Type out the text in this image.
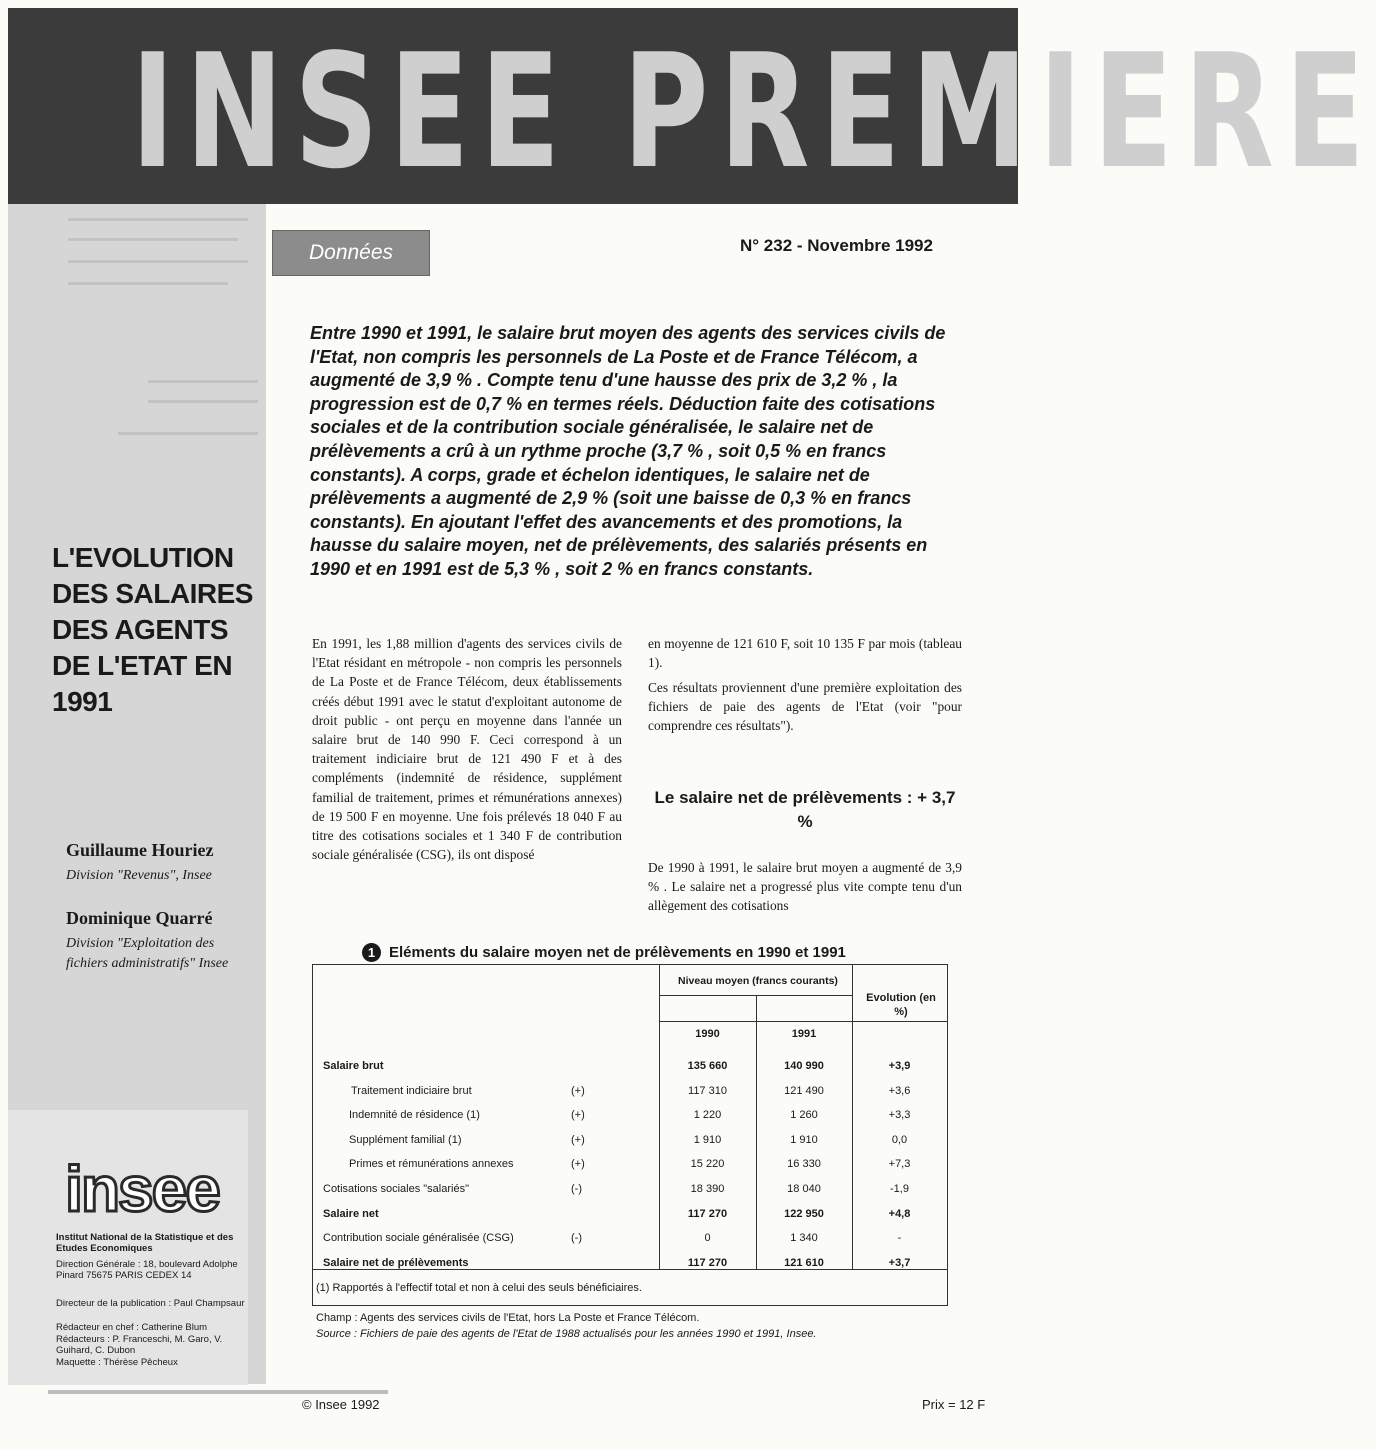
INSEE PREMIERE
Données	N° 232 - Novembre 1992
Entre 1990 et 1991, le salaire brut moyen des agents des services civils de l'Etat, non compris les personnels de La Poste et de France Télécom, a augmenté de 3,9 % . Compte tenu d'une hausse des prix de 3,2 % , la progression est de 0,7 % en termes réels. Déduction faite des cotisations sociales et de la contribution sociale généralisée, le salaire net de prélèvements a crû à un rythme proche (3,7 % , soit 0,5 % en francs constants). A corps, grade et échelon identiques, le salaire net de prélèvements a augmenté de 2,9 % (soit une baisse de 0,3 % en francs constants). En ajoutant l'effet des avancements et des promotions, la hausse du salaire moyen, net de prélèvements, des salariés présents en 1990 et en 1991 est de 5,3 % , soit 2 % en francs constants.
L'EVOLUTION DES SALAIRES DES AGENTS DE L'ETAT EN 1991
Guillaume Houriez
Division "Revenus", Insee
Dominique Quarré
Division "Exploitation des fichiers administratifs" Insee
En 1991, les 1,88 million d'agents des services civils de l'Etat résidant en métropole - non compris les personnels de La Poste et de France Télécom, deux établissements créés début 1991 avec le statut d'exploitant autonome de droit public - ont perçu en moyenne dans l'année un salaire brut de 140 990 F. Ceci correspond à un traitement indiciaire brut de 121 490 F et à des compléments (indemnité de résidence, supplément familial de traitement, primes et rémunérations annexes) de 19 500 F en moyenne. Une fois prélevés 18 040 F au titre des cotisations sociales et 1 340 F de contribution sociale généralisée (CSG), ils ont disposé
en moyenne de 121 610 F, soit 10 135 F par mois (tableau 1).
Ces résultats proviennent d'une première exploitation des fichiers de paie des agents de l'Etat (voir "pour comprendre ces résultats").
Le salaire net de prélèvements : + 3,7 %
De 1990 à 1991, le salaire brut moyen a augmenté de 3,9 % . Le salaire net a progressé plus vite compte tenu d'un allègement des cotisations
insee
Institut National de la Statistique et des Etudes Economiques
Direction Générale : 18, boulevard Adolphe Pinard 75675 PARIS CEDEX 14
Directeur de la publication : Paul Champsaur
Rédacteur en chef : Catherine Blum
Rédacteurs : P. Franceschi, M. Garo, V. Guihard, C. Dubon
Maquette : Thérèse Pêcheux
1 Eléments du salaire moyen net de prélèvements en 1990 et 1991
Niveau moyen (francs courants)
1990	1991
Evolution (en %)
Salaire brut	135 660	140 990	+3,9
Traitement indiciaire brut	(+)	117 310	121 490	+3,6
Indemnité de résidence (1)	(+)	1 220	1 260	+3,3
Supplément familial (1)	(+)	1 910	1 910	0,0
Primes et rémunérations annexes	(+)	15 220	16 330	+7,3
Cotisations sociales "salariés"	(-)	18 390	18 040	-1,9
Salaire net	117 270	122 950	+4,8
Contribution sociale généralisée (CSG)	(-)	0	1 340	-
Salaire net de prélèvements	117 270	121 610	+3,7
(1) Rapportés à l'effectif total et non à celui des seuls bénéficiaires.
Champ : Agents des services civils de l'Etat, hors La Poste et France Télécom.
Source : Fichiers de paie des agents de l'Etat de 1988 actualisés pour les années 1990 et 1991, Insee.
© Insee 1992	Prix = 12 F
